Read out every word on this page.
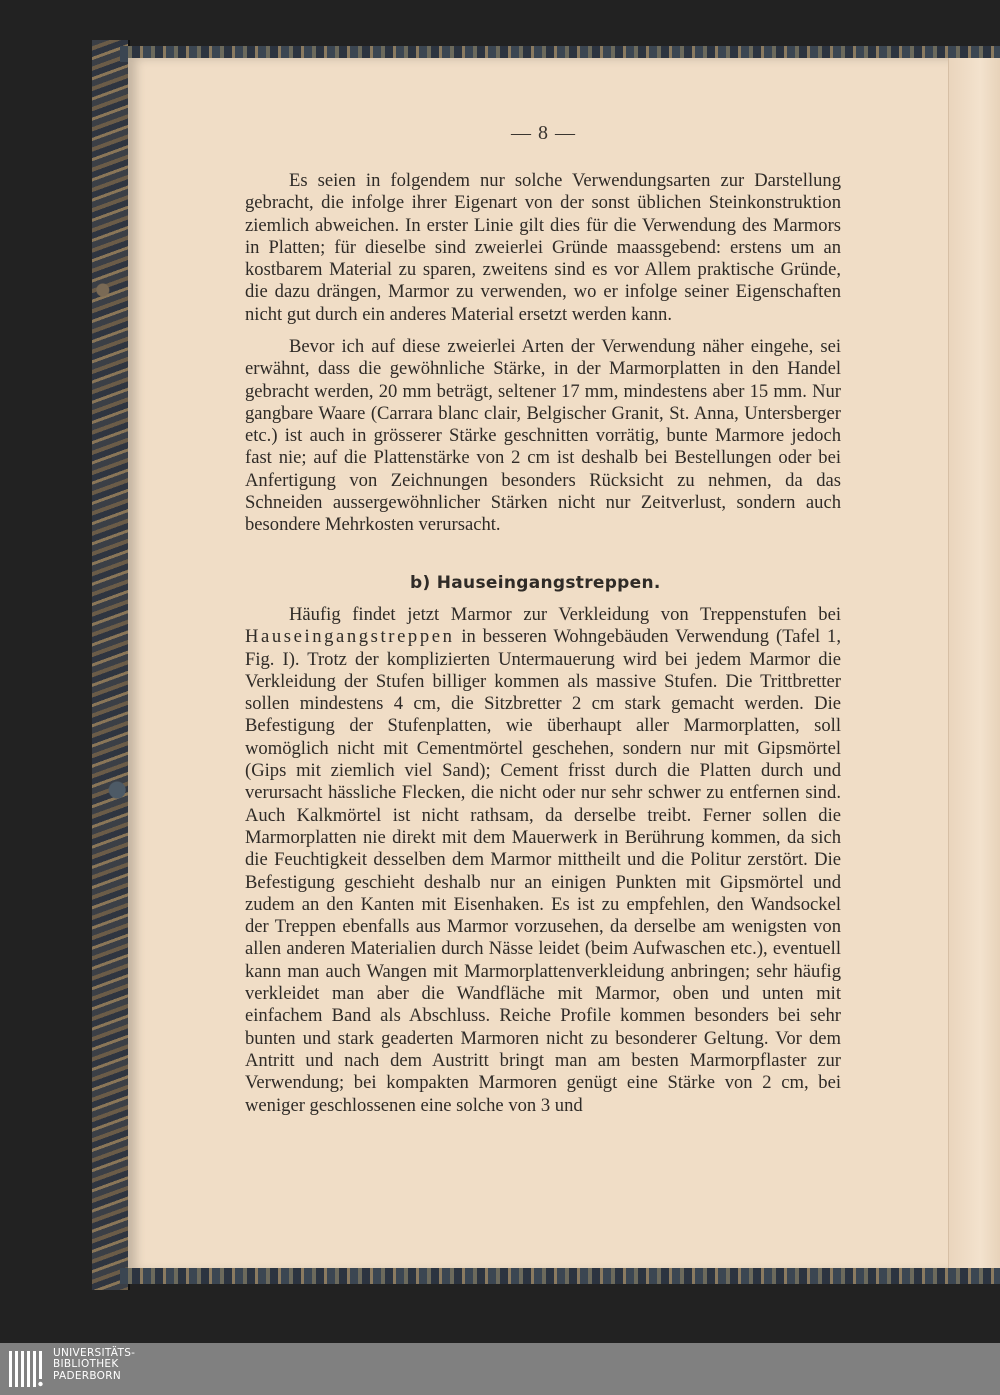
— 8 —
Es seien in folgendem nur solche Verwendungsarten zur Darstellung gebracht, die infolge ihrer Eigenart von der sonst üblichen Steinkonstruktion ziemlich abweichen. In erster Linie gilt dies für die Verwendung des Marmors in Platten; für dieselbe sind zweierlei Gründe maassgebend: erstens um an kostbarem Material zu sparen, zweitens sind es vor Allem praktische Gründe, die dazu drängen, Marmor zu verwenden, wo er infolge seiner Eigenschaften nicht gut durch ein anderes Material ersetzt werden kann.
Bevor ich auf diese zweierlei Arten der Verwendung näher eingehe, sei erwähnt, dass die gewöhnliche Stärke, in der Marmorplatten in den Handel gebracht werden, 20 mm beträgt, seltener 17 mm, mindestens aber 15 mm. Nur gangbare Waare (Carrara blanc clair, Belgischer Granit, St. Anna, Untersberger etc.) ist auch in grösserer Stärke geschnitten vorrätig, bunte Marmore jedoch fast nie; auf die Plattenstärke von 2 cm ist deshalb bei Bestellungen oder bei Anfertigung von Zeichnungen besonders Rücksicht zu nehmen, da das Schneiden aussergewöhnlicher Stärken nicht nur Zeitverlust, sondern auch besondere Mehrkosten verursacht.
b) Hauseingangstreppen.
Häufig findet jetzt Marmor zur Verkleidung von Treppenstufen bei Hauseingangstreppen in besseren Wohngebäuden Verwendung (Tafel 1, Fig. I). Trotz der komplizierten Untermauerung wird bei jedem Marmor die Verkleidung der Stufen billiger kommen als massive Stufen. Die Trittbretter sollen mindestens 4 cm, die Sitzbretter 2 cm stark gemacht werden. Die Befestigung der Stufenplatten, wie überhaupt aller Marmorplatten, soll womöglich nicht mit Cementmörtel geschehen, sondern nur mit Gipsmörtel (Gips mit ziemlich viel Sand); Cement frisst durch die Platten durch und verursacht hässliche Flecken, die nicht oder nur sehr schwer zu entfernen sind. Auch Kalkmörtel ist nicht rathsam, da derselbe treibt. Ferner sollen die Marmorplatten nie direkt mit dem Mauerwerk in Berührung kommen, da sich die Feuchtigkeit desselben dem Marmor mittheilt und die Politur zerstört. Die Befestigung geschieht deshalb nur an einigen Punkten mit Gipsmörtel und zudem an den Kanten mit Eisenhaken. Es ist zu empfehlen, den Wandsockel der Treppen ebenfalls aus Marmor vorzusehen, da derselbe am wenigsten von allen anderen Materialien durch Nässe leidet (beim Aufwaschen etc.), eventuell kann man auch Wangen mit Marmorplattenverkleidung anbringen; sehr häufig verkleidet man aber die Wandfläche mit Marmor, oben und unten mit einfachem Band als Abschluss. Reiche Profile kommen besonders bei sehr bunten und stark geaderten Marmoren nicht zu besonderer Geltung. Vor dem Antritt und nach dem Austritt bringt man am besten Marmorpflaster zur Verwendung; bei kompakten Marmoren genügt eine Stärke von 2 cm, bei weniger geschlossenen eine solche von 3 und
UNIVERSITÄTS-
BIBLIOTHEK
PADERBORN
